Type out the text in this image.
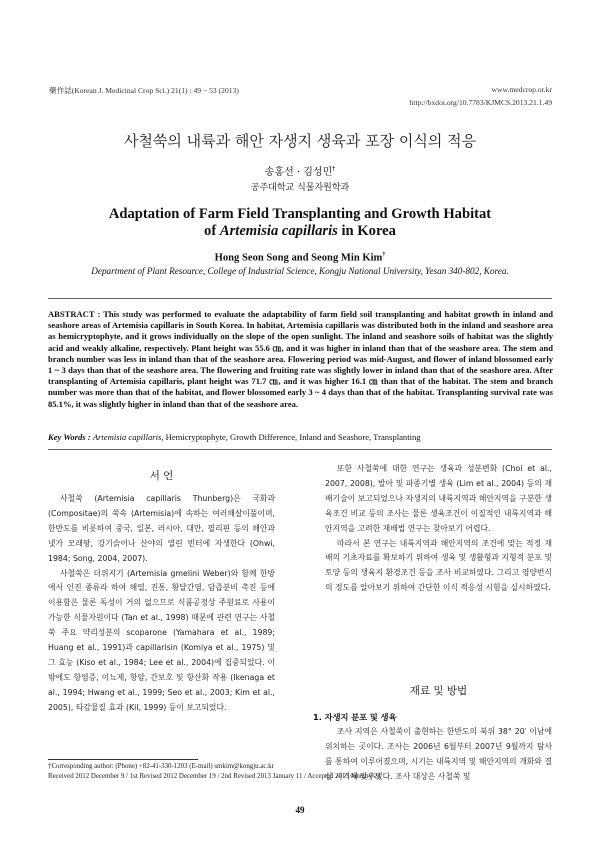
藥作誌(Korean J. Medicinal Crop Sci.) 21(1) : 49 − 53 (2013)	www.medcrop.or.kr
http://bxdoi.org/10.7783/KJMCS.2013.21.1.49
사철쑥의 내륙과 해안 자생지 생육과 포장 이식의 적응
송홍선 · 김성민†
공주대학교 식물자원학과
Adaptation of Farm Field Transplanting and Growth Habitat
of Artemisia capillaris in Korea
Hong Seon Song and Seong Min Kim†
Department of Plant Resource, College of Industrial Science, Kongju National University, Yesan 340-802, Korea.
ABSTRACT : This study was performed to evaluate the adaptability of farm field soil transplanting and habitat growth in inland and seashore areas of Artemisia capillaris in South Korea. In habitat, Artemisia capillaris was distributed both in the inland and seashore area as hemicryptophyte, and it grows individually on the slope of the open sunlight. The inland and seashore soils of habitat was the slightly acid and weakly alkaline, respectively. Plant height was 55.6 ㎝, and it was higher in inland than that of the seashore area. The stem and branch number was less in inland than that of the seashore area. Flowering period was mid-August, and flower of inland blossomed early 1 ~ 3 days than that of the seashore area. The flowering and fruiting rate was slightly lower in inland than that of the seashore area. After transplanting of Artemisia capillaris, plant height was 71.7 ㎝, and it was higher 16.1 ㎝ than that of the habitat. The stem and branch number was more than that of the habitat, and flower blossomed early 3 ~ 4 days than that of the habitat. Transplanting survival rate was 85.1%, it was slightly higher in inland than that of the seashore area.
Key Words : Artemisia capillaris, Hemicryptophyte, Growth Difference, Inland and Seashore, Transplanting
서 언

사철쑥 (Artemisia capillaris Thunberg)은 국화과 (Compositae)의 쑥속 (Artemisia)에 속하는 여러해살이풀이며, 한반도를 비롯하여 중국, 일본, 러시아, 대만, 필리핀 등의 해안과 냇가 모래땅, 강기슭이나 산야의 열린 빈터에 자생한다 (Ohwi, 1984; Song, 2004, 2007).

사철쑥은 더위지기 (Artemisia gmelini Weber)와 함께 한방에서 인진 종류라 하여 해열, 진통, 황달간염, 담즙분비 촉진 등에 이용함은 물론 독성이 거의 없으므로 식품공정상 주원료로 사용이 가능한 식물자원이다 (Tan et al., 1998) 때문에 관련 연구는 사철쑥 주요 약리성분의 scoparone (Yamahara et al., 1989; Huang et al., 1991)과 capillarisin (Komiya et al., 1975) 및 그 효능 (Kiso et al., 1984; Lee et al., 2004)에 집중되었다. 이밖에도 항염증, 이뇨제, 항암, 간보호 및 항산화 작용 (Ikenaga et al., 1994; Hwang et al., 1999; Seo et al., 2003; Kim et al., 2005), 타감물질 효과 (Kil, 1999) 등이 보고되었다.

또한 사철쑥에 대한 연구는 생육과 성분변화 (Choi et al., 2007, 2008), 발아 및 파종기별 생육 (Lim et al., 2004) 등의 재배기술이 보고되었으나 자생지의 내륙지역과 해안지역을 구분한 생육조건 비교 등의 조사는 물론 생육조건이 이질적인 내륙지역과 해안지역을 고려한 재배법 연구는 찾아보기 어렵다.

따라서 본 연구는 내륙지역과 해안지역의 조건에 맞는 적정 재배의 기초자료를 확보하기 위하여 생육 및 생활형과 지형적 분포 및 토양 등의 생육지 환경조건 등을 조사 비교하였다. 그리고 영양번식의 정도를 알아보기 위하여 간단한 이식 적응성 시험을 실시하였다.

재료 및 방법
1. 자생지 분포 및 생육

조사 지역은 사철쑥이 출현하는 한반도의 북위 38° 20′ 이남에 위치하는 곳이다. 조사는 2006년 6월부터 2007년 9월까지 탐사를 통하여 이루어졌으며, 시기는 내륙지역 및 해안지역의 개화와 결실 시기에 맞추었다. 조사 대상은 사철쑥 및

†Corresponding author: (Phone) +82-41-330-1203 (E-mail) smkim@kongju.ac.kr
Received 2012 December 9 / 1st Revised 2012 December 19 / 2nd Revised 2013 January 11 / Accepted 2013 January 24
49
